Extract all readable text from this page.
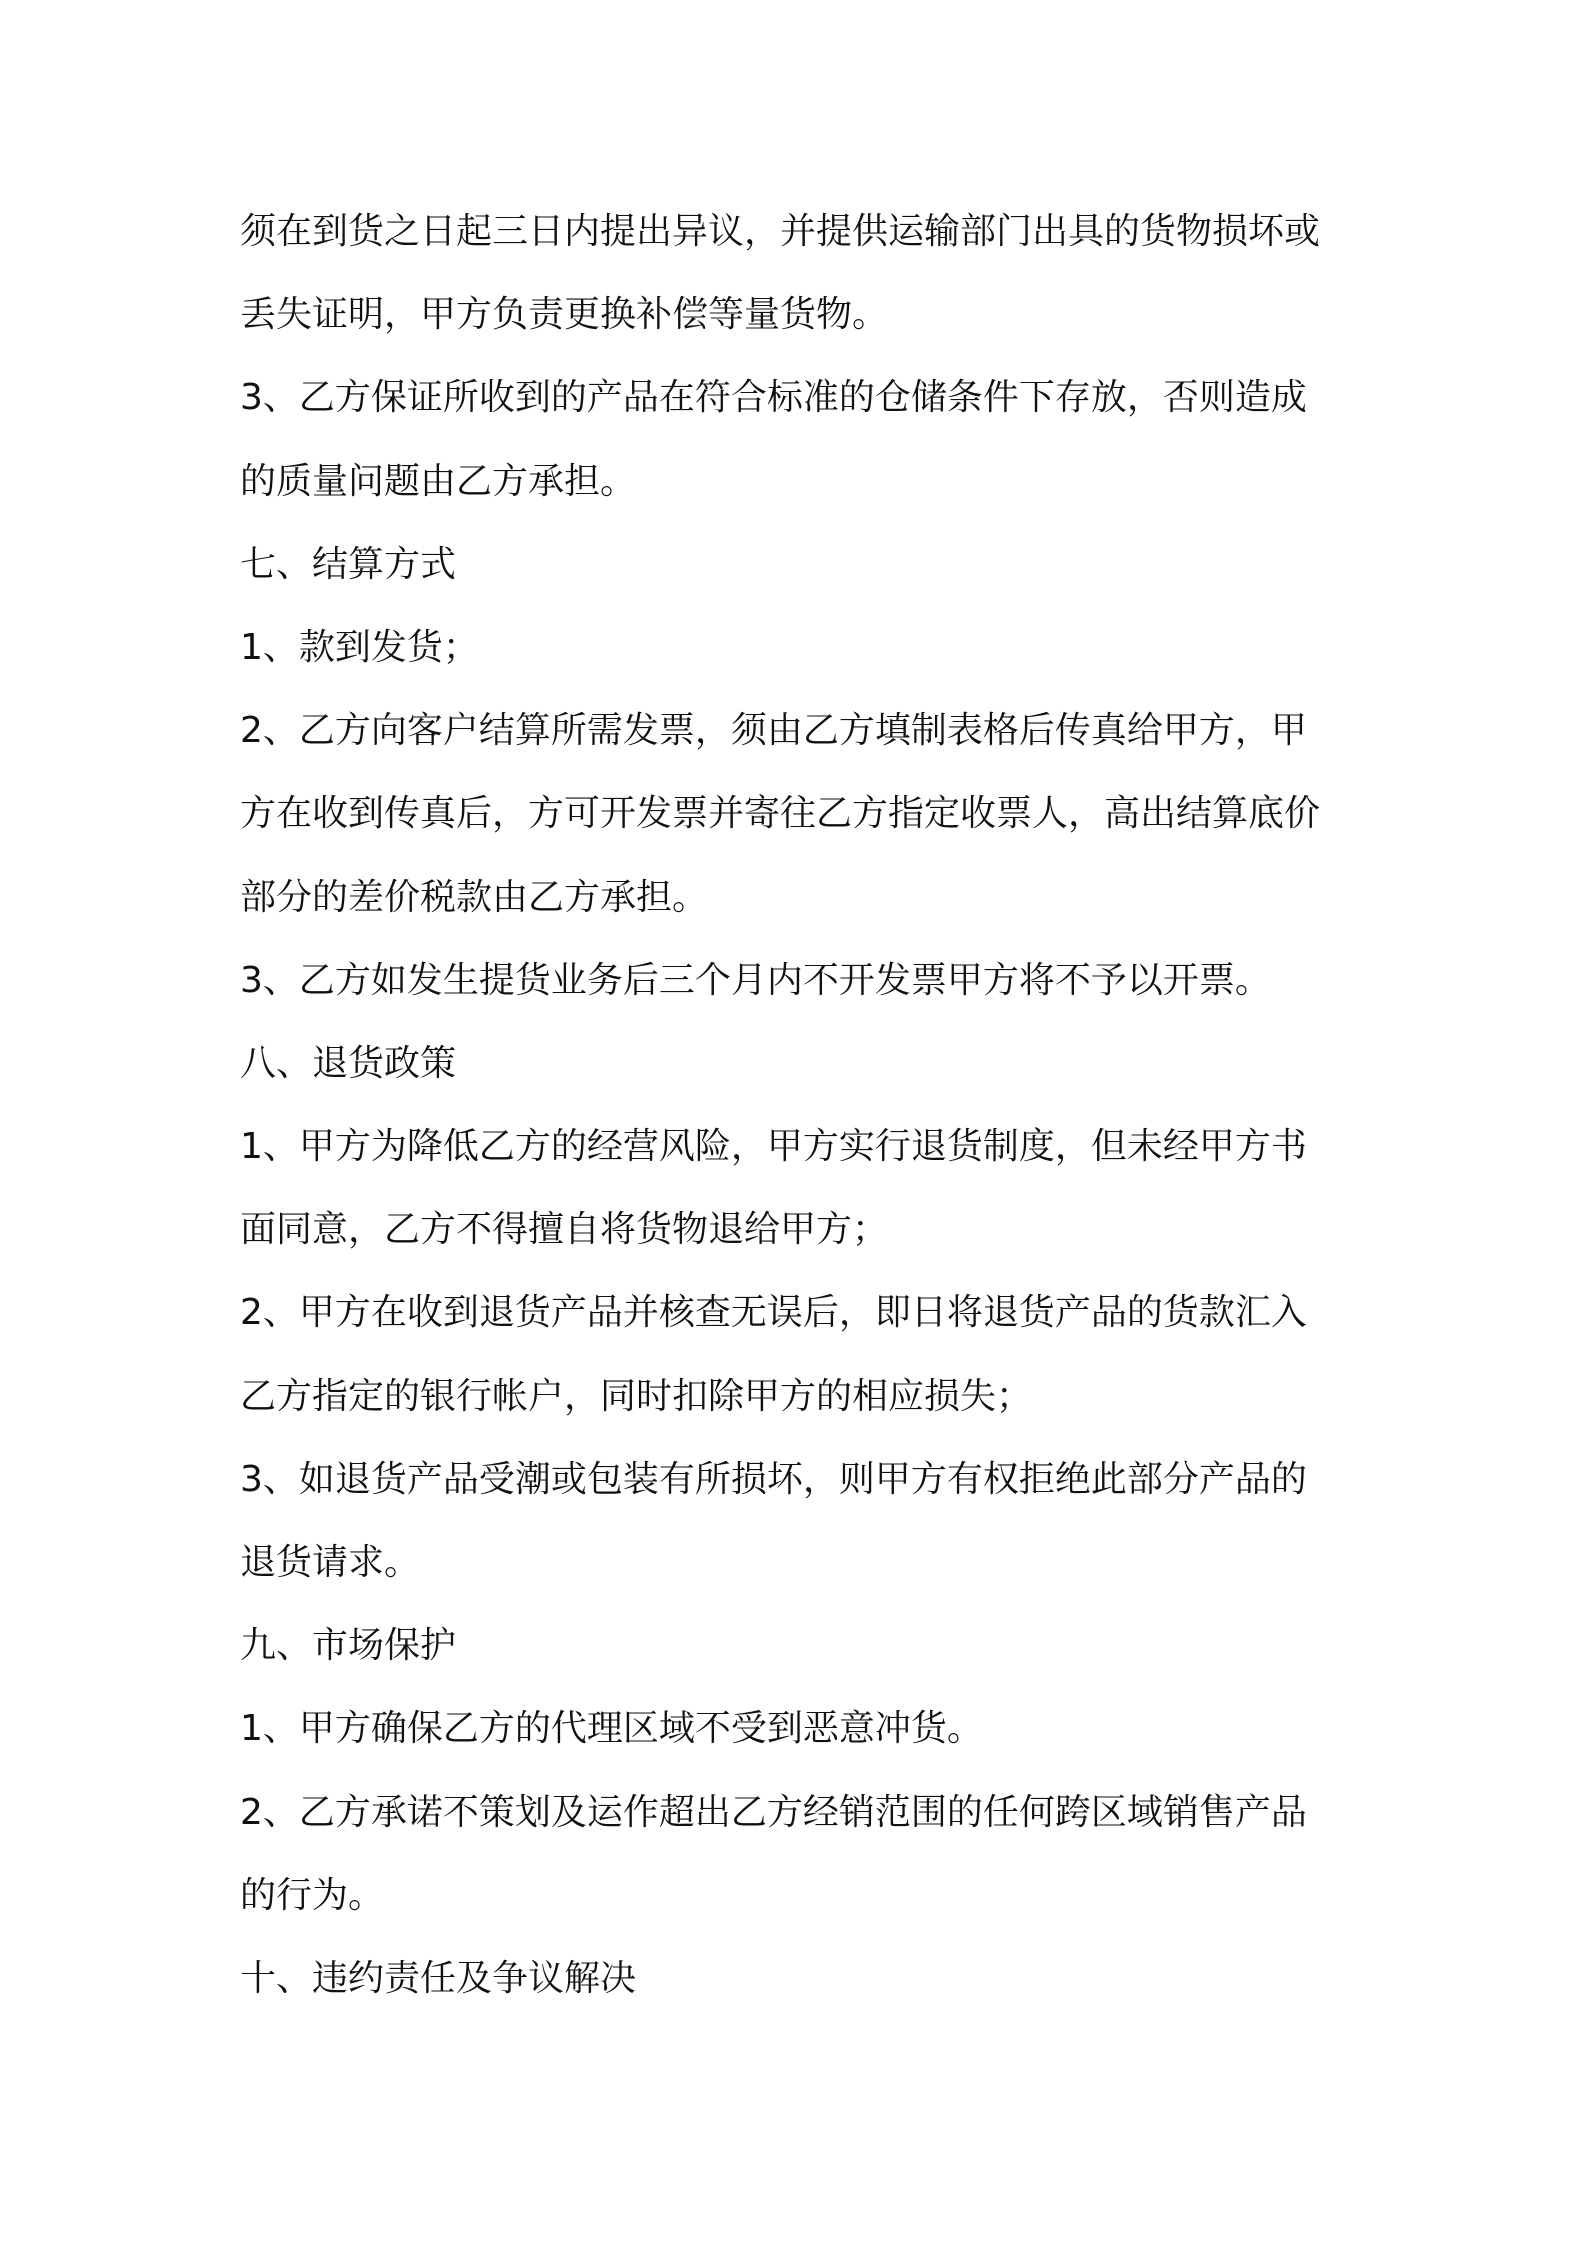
须在到货之日起三日内提出异议，并提供运输部门出具的货物损坏或
丢失证明，甲方负责更换补偿等量货物。
3、乙方保证所收到的产品在符合标准的仓储条件下存放，否则造成
的质量问题由乙方承担。
七、结算方式
1、款到发货；
2、乙方向客户结算所需发票，须由乙方填制表格后传真给甲方，甲
方在收到传真后，方可开发票并寄往乙方指定收票人，高出结算底价
部分的差价税款由乙方承担。
3、乙方如发生提货业务后三个月内不开发票甲方将不予以开票。
八、退货政策
1、甲方为降低乙方的经营风险，甲方实行退货制度，但未经甲方书
面同意，乙方不得擅自将货物退给甲方；
2、甲方在收到退货产品并核查无误后，即日将退货产品的货款汇入
乙方指定的银行帐户，同时扣除甲方的相应损失；
3、如退货产品受潮或包装有所损坏，则甲方有权拒绝此部分产品的
退货请求。
九、市场保护
1、甲方确保乙方的代理区域不受到恶意冲货。
2、乙方承诺不策划及运作超出乙方经销范围的任何跨区域销售产品
的行为。
十、违约责任及争议解决
